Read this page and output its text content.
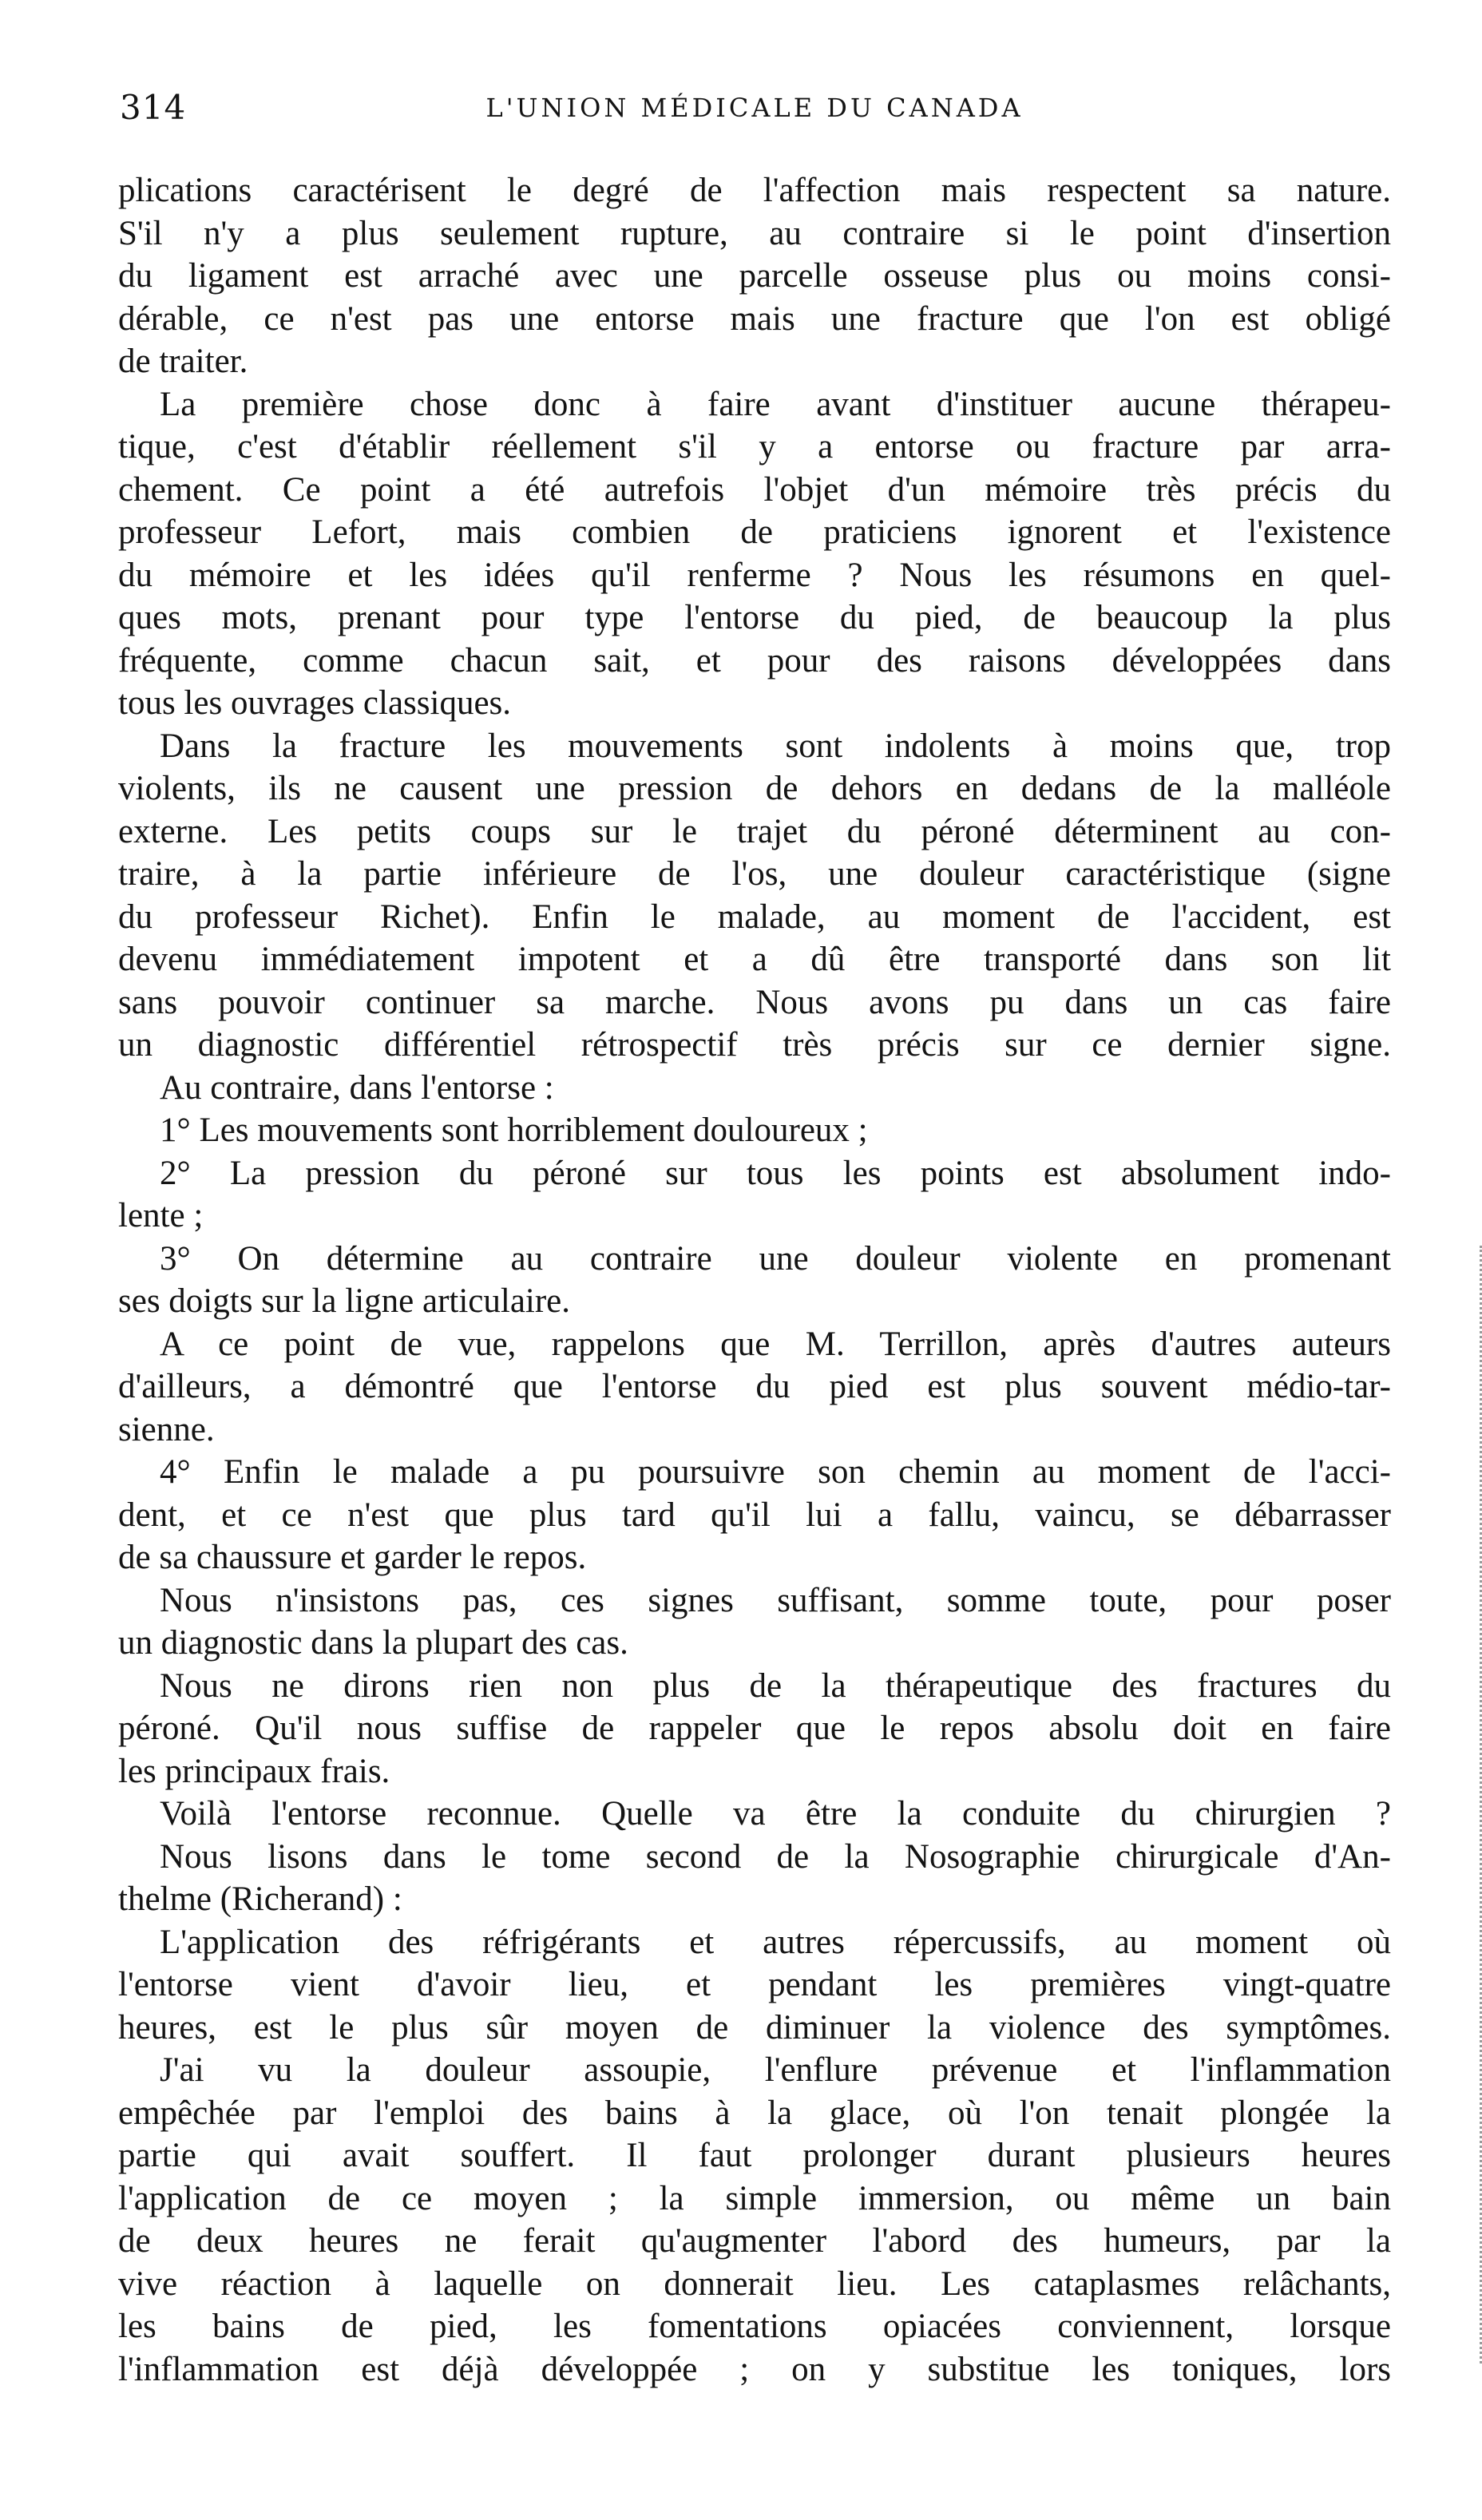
314	L'UNION MÉDICALE DU CANADA
plications caractérisent le degré de l'affection mais respectent sa nature.
S'il n'y a plus seulement rupture, au contraire si le point d'insertion
du ligament est arraché avec une parcelle osseuse plus ou moins consi-
dérable, ce n'est pas une entorse mais une fracture que l'on est obligé
de traiter.
La première chose donc à faire avant d'instituer aucune thérapeu-
tique, c'est d'établir réellement s'il y a entorse ou fracture par arra-
chement. Ce point a été autrefois l'objet d'un mémoire très précis du
professeur Lefort, mais combien de praticiens ignorent et l'existence
du mémoire et les idées qu'il renferme ? Nous les résumons en quel-
ques mots, prenant pour type l'entorse du pied, de beaucoup la plus
fréquente, comme chacun sait, et pour des raisons développées dans
tous les ouvrages classiques.
Dans la fracture les mouvements sont indolents à moins que, trop
violents, ils ne causent une pression de dehors en dedans de la malléole
externe. Les petits coups sur le trajet du péroné déterminent au con-
traire, à la partie inférieure de l'os, une douleur caractéristique (signe
du professeur Richet). Enfin le malade, au moment de l'accident, est
devenu immédiatement impotent et a dû être transporté dans son lit
sans pouvoir continuer sa marche. Nous avons pu dans un cas faire
un diagnostic différentiel rétrospectif très précis sur ce dernier signe.
Au contraire, dans l'entorse :
1° Les mouvements sont horriblement douloureux ;
2° La pression du péroné sur tous les points est absolument indo-
lente ;
3° On détermine au contraire une douleur violente en promenant
ses doigts sur la ligne articulaire.
A ce point de vue, rappelons que M. Terrillon, après d'autres auteurs
d'ailleurs, a démontré que l'entorse du pied est plus souvent médio-tar-
sienne.
4° Enfin le malade a pu poursuivre son chemin au moment de l'acci-
dent, et ce n'est que plus tard qu'il lui a fallu, vaincu, se débarrasser
de sa chaussure et garder le repos.
Nous n'insistons pas, ces signes suffisant, somme toute, pour poser
un diagnostic dans la plupart des cas.
Nous ne dirons rien non plus de la thérapeutique des fractures du
péroné. Qu'il nous suffise de rappeler que le repos absolu doit en faire
les principaux frais.
Voilà l'entorse reconnue. Quelle va être la conduite du chirurgien ?
Nous lisons dans le tome second de la Nosographie chirurgicale d'An-
thelme (Richerand) :
L'application des réfrigérants et autres répercussifs, au moment où
l'entorse vient d'avoir lieu, et pendant les premières vingt-quatre
heures, est le plus sûr moyen de diminuer la violence des symptômes.
J'ai vu la douleur assoupie, l'enflure prévenue et l'inflammation
empêchée par l'emploi des bains à la glace, où l'on tenait plongée la
partie qui avait souffert. Il faut prolonger durant plusieurs heures
l'application de ce moyen ; la simple immersion, ou même un bain
de deux heures ne ferait qu'augmenter l'abord des humeurs, par la
vive réaction à laquelle on donnerait lieu. Les cataplasmes relâchants,
les bains de pied, les fomentations opiacées conviennent, lorsque
l'inflammation est déjà développée ; on y substitue les toniques, lors
